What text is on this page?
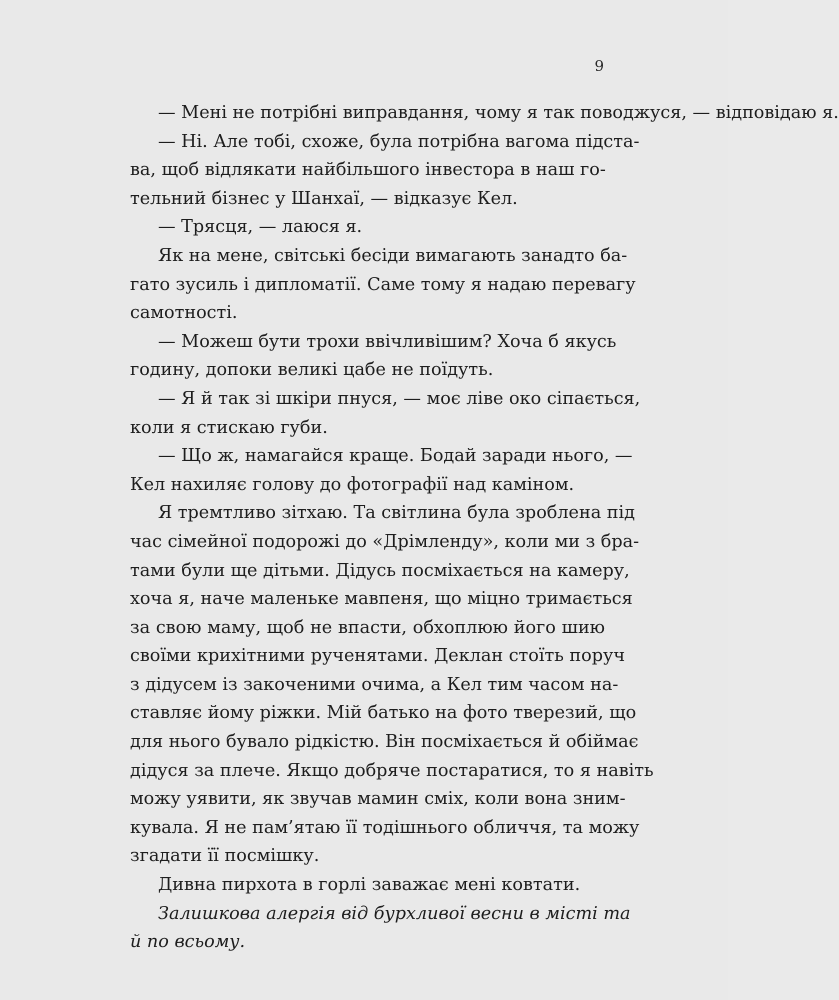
9
— Мені не потрібні виправдання, чому я так поводжуся, — відповідаю я.
— Ні. Але тобі, схоже, була потрібна вагома підста-
ва, щоб відлякати найбільшого інвестора в наш го-
тельний бізнес у Шанхаї, — відказує Кел.
— Трясця, — лаюся я.
Як на мене, світські бесіди вимагають занадто ба-
гато зусиль і дипломатії. Саме тому я надаю перевагу
самотності.
— Можеш бути трохи ввічливішим? Хоча б якусь
годину, допоки великі цабе не поїдуть.
— Я й так зі шкіри пнуся, — моє ліве око сіпається,
коли я стискаю губи.
— Що ж, намагайся краще. Бодай заради нього, —
Кел нахиляє голову до фотографії над каміном.
Я тремтливо зітхаю. Та світлина була зроблена під
час сімейної подорожі до «Дрімленду», коли ми з бра-
тами були ще дітьми. Дідусь посміхається на камеру,
хоча я, наче маленьке мавпеня, що міцно тримається
за свою маму, щоб не впасти, обхоплюю його шию
своїми крихітними рученятами. Деклан стоїть поруч
з дідусем із закоченими очима, а Кел тим часом на-
ставляє йому ріжки. Мій батько на фото тверезий, що
для нього бувало рідкістю. Він посміхається й обіймає
дідуся за плече. Якщо добряче постаратися, то я навіть
можу уявити, як звучав мамин сміх, коли вона зним-
кувала. Я не пам’ятаю її тодішнього обличчя, та можу
згадати її посмішку.
Дивна пирхота в горлі заважає мені ковтати.
Залишкова алергія від бурхливої весни в місті та
й по всьому.
